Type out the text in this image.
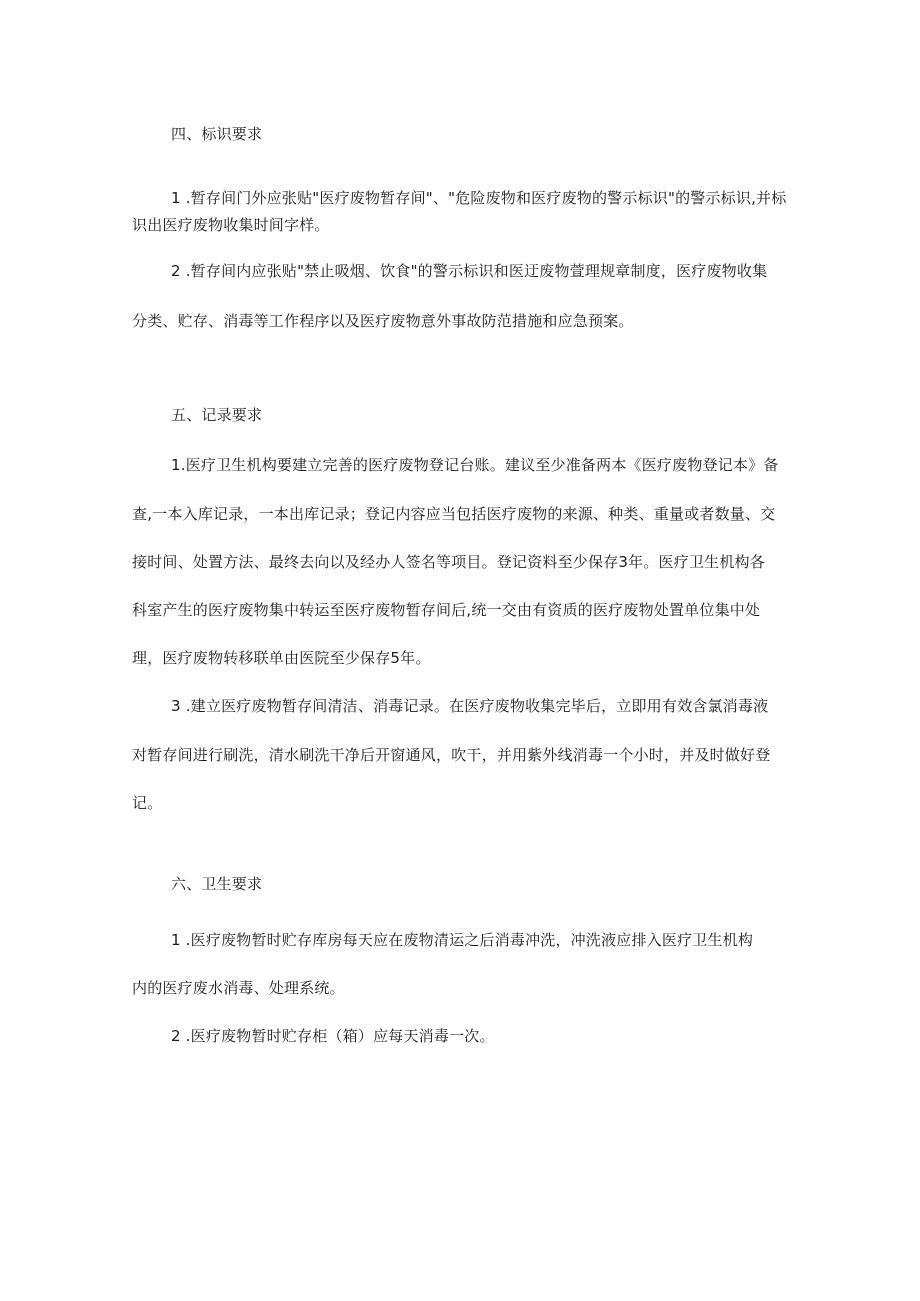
四、标识要求
1 .暂存间门外应张贴"医疗废物暂存间"、"危险废物和医疗废物的警示标识"的警示标识,并标
识出医疗废物收集时间字样。
2 .暂存间内应张贴"禁止吸烟、饮食"的警示标识和医迂废物萱理规章制度，医疗废物收集
分类、贮存、消毒等工作程序以及医疗废物意外事故防范措施和应急预案。
五、记录要求
1.医疗卫生机构要建立完善的医疗废物登记台账。建议至少准备两本《医疗废物登记本》备
查,一本入库记录，一本出库记录；登记内容应当包括医疗废物的来源、种类、重量或者数量、交
接时间、处置方法、最终去向以及经办人签名等项目。登记资料至少保存3年。医疗卫生机构各
科室产生的医疗废物集中转运至医疗废物暂存间后,统一交由有资质的医疗废物处置单位集中处
理，医疗废物转移联单由医院至少保存5年。
3 .建立医疗废物暂存间清洁、消毒记录。在医疗废物收集完毕后，立即用有效含氯消毒液
对暂存间进行刷洗，清水刷洗干净后开窗通风，吹干，并用紫外线消毒一个小时，并及时做好登
记。
六、卫生要求
1 .医疗废物暂时贮存库房每天应在废物清运之后消毒冲洗，冲洗液应排入医疗卫生机构
内的医疗废水消毒、处理系统。
2 .医疗废物暂时贮存柜（箱）应每天消毒一次。
